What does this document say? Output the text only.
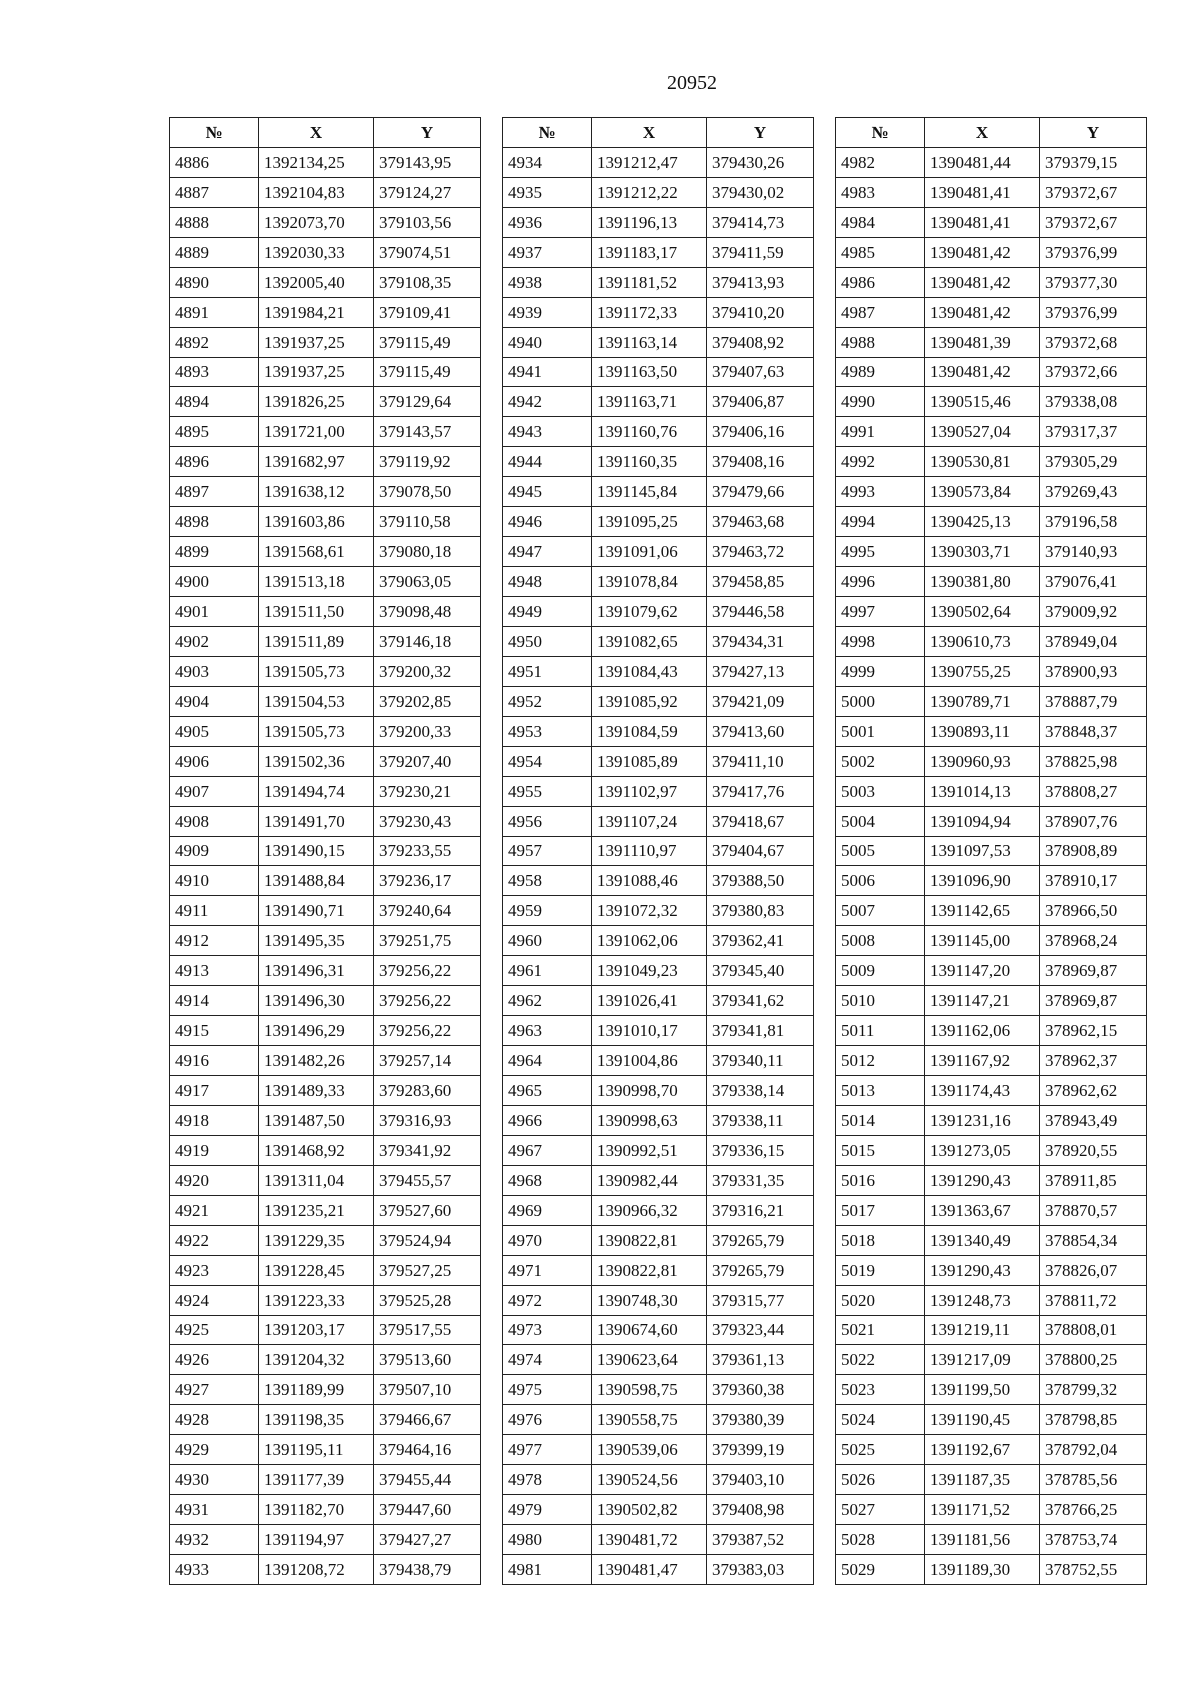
20952
№	X	Y
4886	1392134,25	379143,95
4887	1392104,83	379124,27
4888	1392073,70	379103,56
4889	1392030,33	379074,51
4890	1392005,40	379108,35
4891	1391984,21	379109,41
4892	1391937,25	379115,49
4893	1391937,25	379115,49
4894	1391826,25	379129,64
4895	1391721,00	379143,57
4896	1391682,97	379119,92
4897	1391638,12	379078,50
4898	1391603,86	379110,58
4899	1391568,61	379080,18
4900	1391513,18	379063,05
4901	1391511,50	379098,48
4902	1391511,89	379146,18
4903	1391505,73	379200,32
4904	1391504,53	379202,85
4905	1391505,73	379200,33
4906	1391502,36	379207,40
4907	1391494,74	379230,21
4908	1391491,70	379230,43
4909	1391490,15	379233,55
4910	1391488,84	379236,17
4911	1391490,71	379240,64
4912	1391495,35	379251,75
4913	1391496,31	379256,22
4914	1391496,30	379256,22
4915	1391496,29	379256,22
4916	1391482,26	379257,14
4917	1391489,33	379283,60
4918	1391487,50	379316,93
4919	1391468,92	379341,92
4920	1391311,04	379455,57
4921	1391235,21	379527,60
4922	1391229,35	379524,94
4923	1391228,45	379527,25
4924	1391223,33	379525,28
4925	1391203,17	379517,55
4926	1391204,32	379513,60
4927	1391189,99	379507,10
4928	1391198,35	379466,67
4929	1391195,11	379464,16
4930	1391177,39	379455,44
4931	1391182,70	379447,60
4932	1391194,97	379427,27
4933	1391208,72	379438,79
№	X	Y
4934	1391212,47	379430,26
4935	1391212,22	379430,02
4936	1391196,13	379414,73
4937	1391183,17	379411,59
4938	1391181,52	379413,93
4939	1391172,33	379410,20
4940	1391163,14	379408,92
4941	1391163,50	379407,63
4942	1391163,71	379406,87
4943	1391160,76	379406,16
4944	1391160,35	379408,16
4945	1391145,84	379479,66
4946	1391095,25	379463,68
4947	1391091,06	379463,72
4948	1391078,84	379458,85
4949	1391079,62	379446,58
4950	1391082,65	379434,31
4951	1391084,43	379427,13
4952	1391085,92	379421,09
4953	1391084,59	379413,60
4954	1391085,89	379411,10
4955	1391102,97	379417,76
4956	1391107,24	379418,67
4957	1391110,97	379404,67
4958	1391088,46	379388,50
4959	1391072,32	379380,83
4960	1391062,06	379362,41
4961	1391049,23	379345,40
4962	1391026,41	379341,62
4963	1391010,17	379341,81
4964	1391004,86	379340,11
4965	1390998,70	379338,14
4966	1390998,63	379338,11
4967	1390992,51	379336,15
4968	1390982,44	379331,35
4969	1390966,32	379316,21
4970	1390822,81	379265,79
4971	1390822,81	379265,79
4972	1390748,30	379315,77
4973	1390674,60	379323,44
4974	1390623,64	379361,13
4975	1390598,75	379360,38
4976	1390558,75	379380,39
4977	1390539,06	379399,19
4978	1390524,56	379403,10
4979	1390502,82	379408,98
4980	1390481,72	379387,52
4981	1390481,47	379383,03
№	X	Y
4982	1390481,44	379379,15
4983	1390481,41	379372,67
4984	1390481,41	379372,67
4985	1390481,42	379376,99
4986	1390481,42	379377,30
4987	1390481,42	379376,99
4988	1390481,39	379372,68
4989	1390481,42	379372,66
4990	1390515,46	379338,08
4991	1390527,04	379317,37
4992	1390530,81	379305,29
4993	1390573,84	379269,43
4994	1390425,13	379196,58
4995	1390303,71	379140,93
4996	1390381,80	379076,41
4997	1390502,64	379009,92
4998	1390610,73	378949,04
4999	1390755,25	378900,93
5000	1390789,71	378887,79
5001	1390893,11	378848,37
5002	1390960,93	378825,98
5003	1391014,13	378808,27
5004	1391094,94	378907,76
5005	1391097,53	378908,89
5006	1391096,90	378910,17
5007	1391142,65	378966,50
5008	1391145,00	378968,24
5009	1391147,20	378969,87
5010	1391147,21	378969,87
5011	1391162,06	378962,15
5012	1391167,92	378962,37
5013	1391174,43	378962,62
5014	1391231,16	378943,49
5015	1391273,05	378920,55
5016	1391290,43	378911,85
5017	1391363,67	378870,57
5018	1391340,49	378854,34
5019	1391290,43	378826,07
5020	1391248,73	378811,72
5021	1391219,11	378808,01
5022	1391217,09	378800,25
5023	1391199,50	378799,32
5024	1391190,45	378798,85
5025	1391192,67	378792,04
5026	1391187,35	378785,56
5027	1391171,52	378766,25
5028	1391181,56	378753,74
5029	1391189,30	378752,55
